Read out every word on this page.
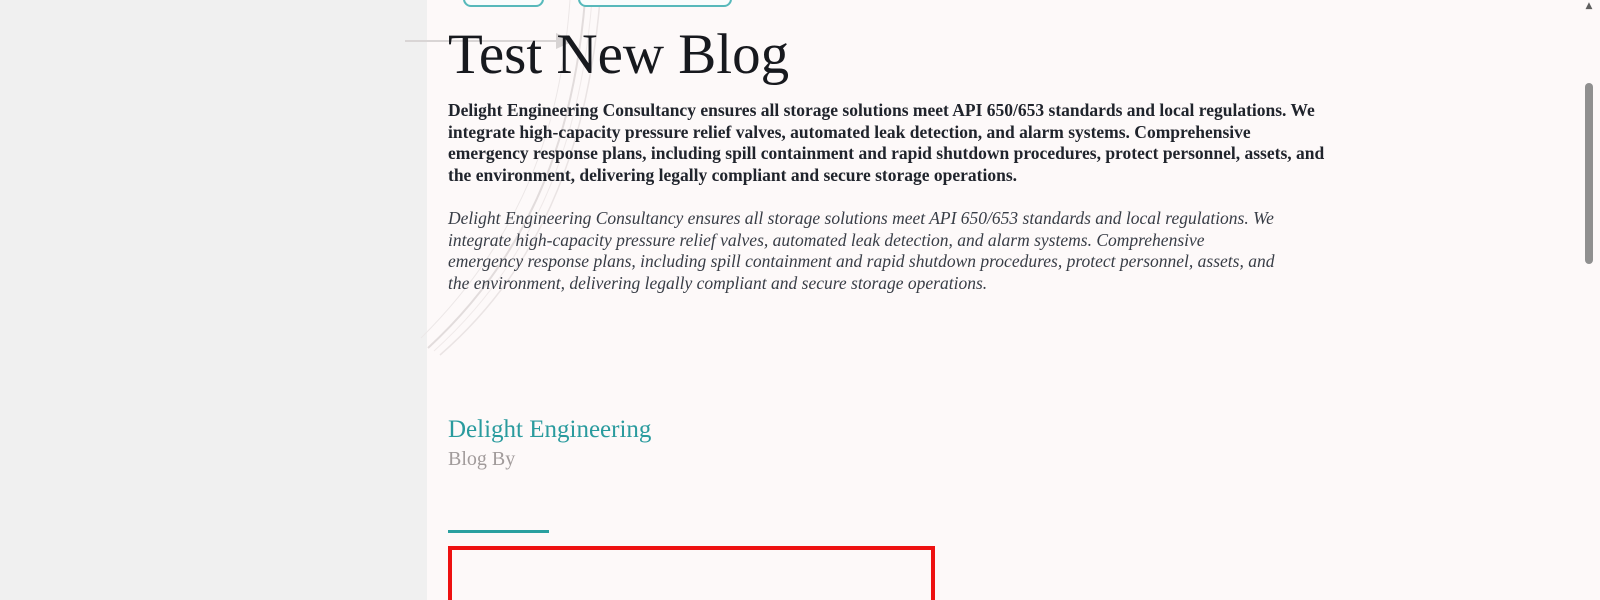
Test New Blog
Delight Engineering Consultancy ensures all storage solutions meet API 650/653 standards and local regulations. We
integrate high-capacity pressure relief valves, automated leak detection, and alarm systems. Comprehensive
emergency response plans, including spill containment and rapid shutdown procedures, protect personnel, assets, and
the environment, delivering legally compliant and secure storage operations.
Delight Engineering Consultancy ensures all storage solutions meet API 650/653 standards and local regulations. We
integrate high-capacity pressure relief valves, automated leak detection, and alarm systems. Comprehensive
emergency response plans, including spill containment and rapid shutdown procedures, protect personnel, assets, and
the environment, delivering legally compliant and secure storage operations.
Delight Engineering
Blog By
▲
